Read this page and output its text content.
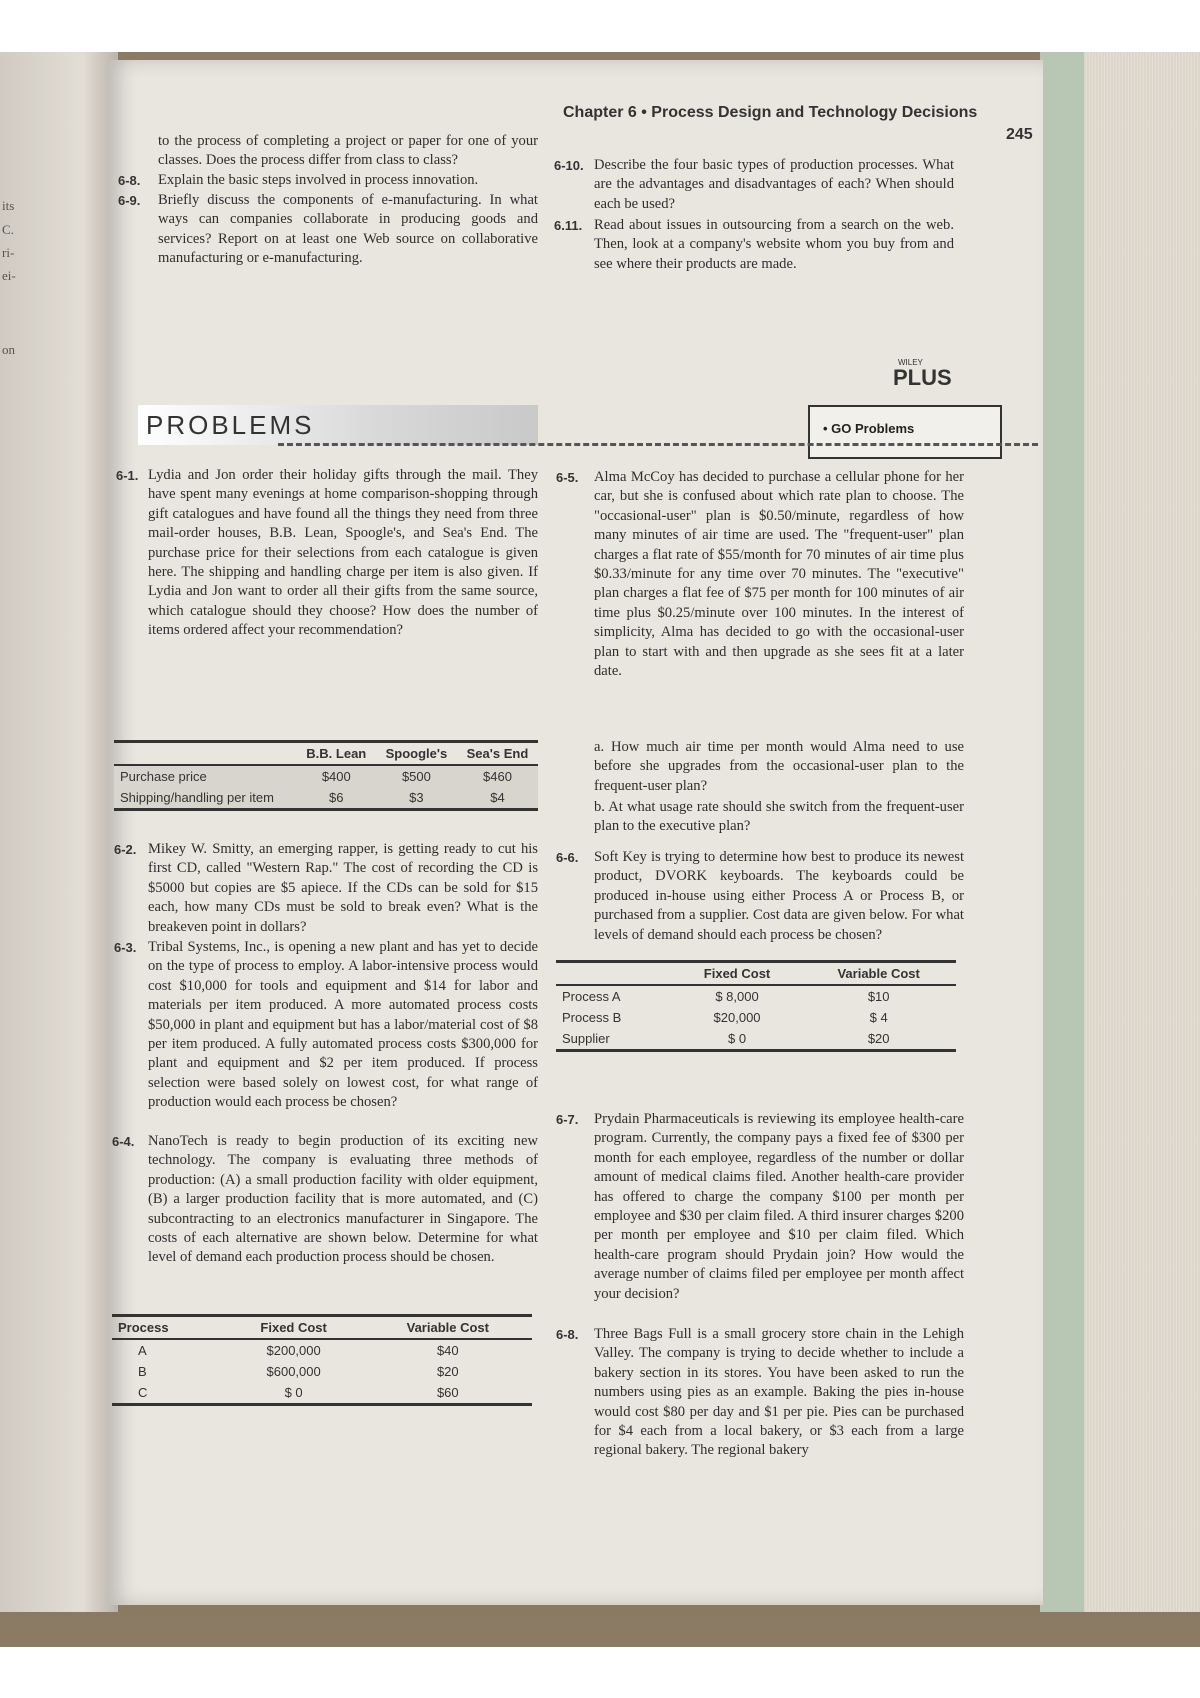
its
C.
ri-
ei-
on
Chapter 6 • Process Design and Technology Decisions
245
to the process of completing a project or paper for one of your classes. Does the process differ from class to class?
6-8. Explain the basic steps involved in process innovation.
6-9. Briefly discuss the components of e-manufacturing. In what ways can companies collaborate in producing goods and services? Report on at least one Web source on collaborative manufacturing or e-manufacturing.
6-10. Describe the four basic types of production processes. What are the advantages and disadvantages of each? When should each be used?
6.11. Read about issues in outsourcing from a search on the web. Then, look at a company's website whom you buy from and see where their products are made.
WILEY
PLUS
• GO Problems
PROBLEMS
6-1. Lydia and Jon order their holiday gifts through the mail. They have spent many evenings at home comparison-shopping through gift catalogues and have found all the things they need from three mail-order houses, B.B. Lean, Spoogle's, and Sea's End. The purchase price for their selections from each catalogue is given here. The shipping and handling charge per item is also given. If Lydia and Jon want to order all their gifts from the same source, which catalogue should they choose? How does the number of items ordered affect your recommendation?
	B.B. Lean	Spoogle's	Sea's End
Purchase price	$400	$500	$460
Shipping/handling per item	$6	$3	$4
6-2. Mikey W. Smitty, an emerging rapper, is getting ready to cut his first CD, called "Western Rap." The cost of recording the CD is $5000 but copies are $5 apiece. If the CDs can be sold for $15 each, how many CDs must be sold to break even? What is the breakeven point in dollars?
6-3. Tribal Systems, Inc., is opening a new plant and has yet to decide on the type of process to employ. A labor-intensive process would cost $10,000 for tools and equipment and $14 for labor and materials per item produced. A more automated process costs $50,000 in plant and equipment but has a labor/material cost of $8 per item produced. A fully automated process costs $300,000 for plant and equipment and $2 per item produced. If process selection were based solely on lowest cost, for what range of production would each process be chosen?
6-4. NanoTech is ready to begin production of its exciting new technology. The company is evaluating three methods of production: (A) a small production facility with older equipment, (B) a larger production facility that is more automated, and (C) subcontracting to an electronics manufacturer in Singapore. The costs of each alternative are shown below. Determine for what level of demand each production process should be chosen.
Process	Fixed Cost	Variable Cost
A	$200,000	$40
B	$600,000	$20
C	$ 0	$60
6-5. Alma McCoy has decided to purchase a cellular phone for her car, but she is confused about which rate plan to choose. The "occasional-user" plan is $0.50/minute, regardless of how many minutes of air time are used. The "frequent-user" plan charges a flat rate of $55/month for 70 minutes of air time plus $0.33/minute for any time over 70 minutes. The "executive" plan charges a flat fee of $75 per month for 100 minutes of air time plus $0.25/minute over 100 minutes. In the interest of simplicity, Alma has decided to go with the occasional-user plan to start with and then upgrade as she sees fit at a later date.
a. How much air time per month would Alma need to use before she upgrades from the occasional-user plan to the frequent-user plan?
b. At what usage rate should she switch from the frequent-user plan to the executive plan?
6-6. Soft Key is trying to determine how best to produce its newest product, DVORK keyboards. The keyboards could be produced in-house using either Process A or Process B, or purchased from a supplier. Cost data are given below. For what levels of demand should each process be chosen?
	Fixed Cost	Variable Cost
Process A	$ 8,000	$10
Process B	$20,000	$ 4
Supplier	$ 0	$20
6-7. Prydain Pharmaceuticals is reviewing its employee health-care program. Currently, the company pays a fixed fee of $300 per month for each employee, regardless of the number or dollar amount of medical claims filed. Another health-care provider has offered to charge the company $100 per month per employee and $30 per claim filed. A third insurer charges $200 per month per employee and $10 per claim filed. Which health-care program should Prydain join? How would the average number of claims filed per employee per month affect your decision?
6-8. Three Bags Full is a small grocery store chain in the Lehigh Valley. The company is trying to decide whether to include a bakery section in its stores. You have been asked to run the numbers using pies as an example. Baking the pies in-house would cost $80 per day and $1 per pie. Pies can be purchased for $4 each from a local bakery, or $3 each from a large regional bakery. The regional bakery
